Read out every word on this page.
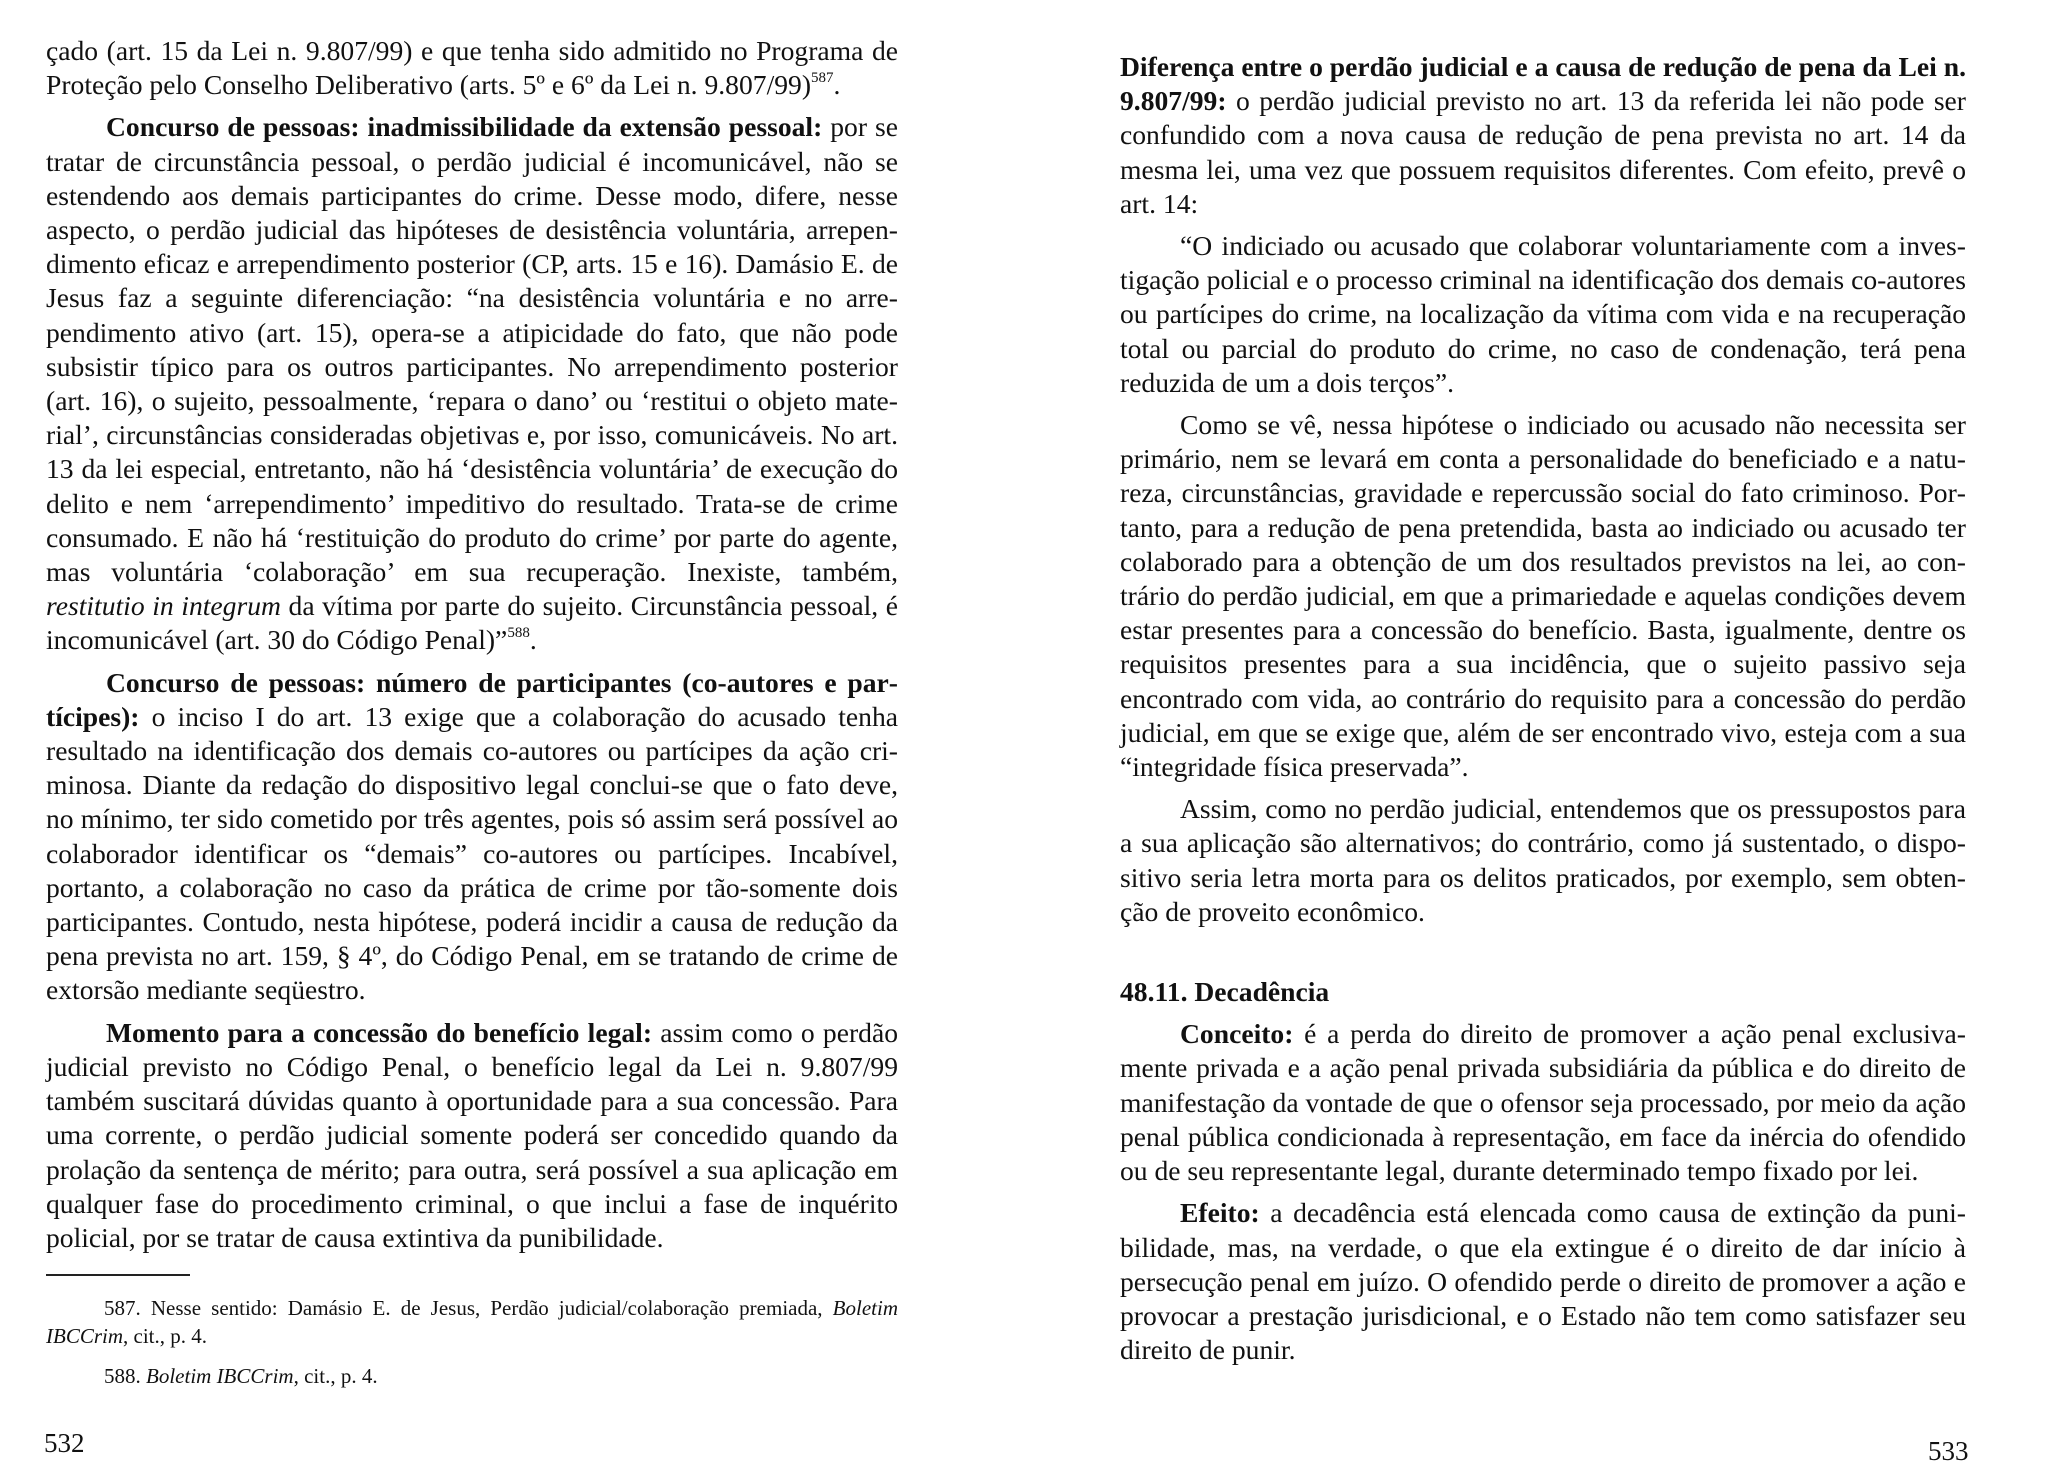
çado (art. 15 da Lei n. 9.807/99) e que tenha sido admitido no Programa de Proteção pelo Conselho Deliberativo (arts. 5º e 6º da Lei n. 9.807/99)$^{587}$.

Concurso de pessoas: inadmissibilidade da extensão pessoal: por se tratar de circunstância pessoal, o perdão judicial é incomunicável, não se estendendo aos demais participantes do crime. Desse modo, difere, nesse aspecto, o perdão judicial das hipóteses de desistência voluntária, arrependimento eficaz e arrependimento posterior (CP, arts. 15 e 16). Damásio E. de Jesus faz a seguinte diferenciação: “na desistência voluntária e no arrependimento ativo (art. 15), opera-se a atipicidade do fato, que não pode subsistir típico para os outros participantes. No arrependimento posterior (art. 16), o sujeito, pessoalmente, ‘repara o dano’ ou ‘restitui o objeto material’, circunstâncias consideradas objetivas e, por isso, comunicáveis. No art. 13 da lei especial, entretanto, não há ‘desistência voluntária’ de execução do delito e nem ‘arrependimento’ impeditivo do resultado. Trata-se de crime consumado. E não há ‘restituição do produto do crime’ por parte do agente, mas voluntária ‘colaboração’ em sua recuperação. Inexiste, também, restitutio in integrum da vítima por parte do sujeito. Circunstância pessoal, é incomunicável (art. 30 do Código Penal)”$^{588}$.

Concurso de pessoas: número de participantes (co-autores e partícipes): o inciso I do art. 13 exige que a colaboração do acusado tenha resultado na identificação dos demais co-autores ou partícipes da ação criminosa. Diante da redação do dispositivo legal conclui-se que o fato deve, no mínimo, ter sido cometido por três agentes, pois só assim será possível ao colaborador identificar os “demais” co-autores ou partícipes. Incabível, portanto, a colaboração no caso da prática de crime por tão-somente dois participantes. Contudo, nesta hipótese, poderá incidir a causa de redução da pena prevista no art. 159, § 4º, do Código Penal, em se tratando de crime de extorsão mediante seqüestro.

Momento para a concessão do benefício legal: assim como o perdão judicial previsto no Código Penal, o benefício legal da Lei n. 9.807/99 também suscitará dúvidas quanto à oportunidade para a sua concessão. Para uma corrente, o perdão judicial somente poderá ser concedido quando da prolação da sentença de mérito; para outra, será possível a sua aplicação em qualquer fase do procedimento criminal, o que inclui a fase de inquérito policial, por se tratar de causa extintiva da punibilidade.

587. Nesse sentido: Damásio E. de Jesus, Perdão judicial/colaboração premiada, Boletim IBCCrim, cit., p. 4.

588. Boletim IBCCrim, cit., p. 4.

532

Diferença entre o perdão judicial e a causa de redução de pena da Lei n. 9.807/99: o perdão judicial previsto no art. 13 da referida lei não pode ser confundido com a nova causa de redução de pena prevista no art. 14 da mesma lei, uma vez que possuem requisitos diferentes. Com efeito, prevê o art. 14:

“O indiciado ou acusado que colaborar voluntariamente com a investigação policial e o processo criminal na identificação dos demais co-autores ou partícipes do crime, na localização da vítima com vida e na recuperação total ou parcial do produto do crime, no caso de condenação, terá pena reduzida de um a dois terços”.

Como se vê, nessa hipótese o indiciado ou acusado não necessita ser primário, nem se levará em conta a personalidade do beneficiado e a natureza, circunstâncias, gravidade e repercussão social do fato criminoso. Portanto, para a redução de pena pretendida, basta ao indiciado ou acusado ter colaborado para a obtenção de um dos resultados previstos na lei, ao contrário do perdão judicial, em que a primariedade e aquelas condições devem estar presentes para a concessão do benefício. Basta, igualmente, dentre os requisitos presentes para a sua incidência, que o sujeito passivo seja encontrado com vida, ao contrário do requisito para a concessão do perdão judicial, em que se exige que, além de ser encontrado vivo, esteja com a sua “integridade física preservada”.

Assim, como no perdão judicial, entendemos que os pressupostos para a sua aplicação são alternativos; do contrário, como já sustentado, o dispositivo seria letra morta para os delitos praticados, por exemplo, sem obtenção de proveito econômico.

48.11. Decadência

Conceito: é a perda do direito de promover a ação penal exclusivamente privada e a ação penal privada subsidiária da pública e do direito de manifestação da vontade de que o ofensor seja processado, por meio da ação penal pública condicionada à representação, em face da inércia do ofendido ou de seu representante legal, durante determinado tempo fixado por lei.

Efeito: a decadência está elencada como causa de extinção da punibilidade, mas, na verdade, o que ela extingue é o direito de dar início à persecução penal em juízo. O ofendido perde o direito de promover a ação e provocar a prestação jurisdicional, e o Estado não tem como satisfazer seu direito de punir.

533
